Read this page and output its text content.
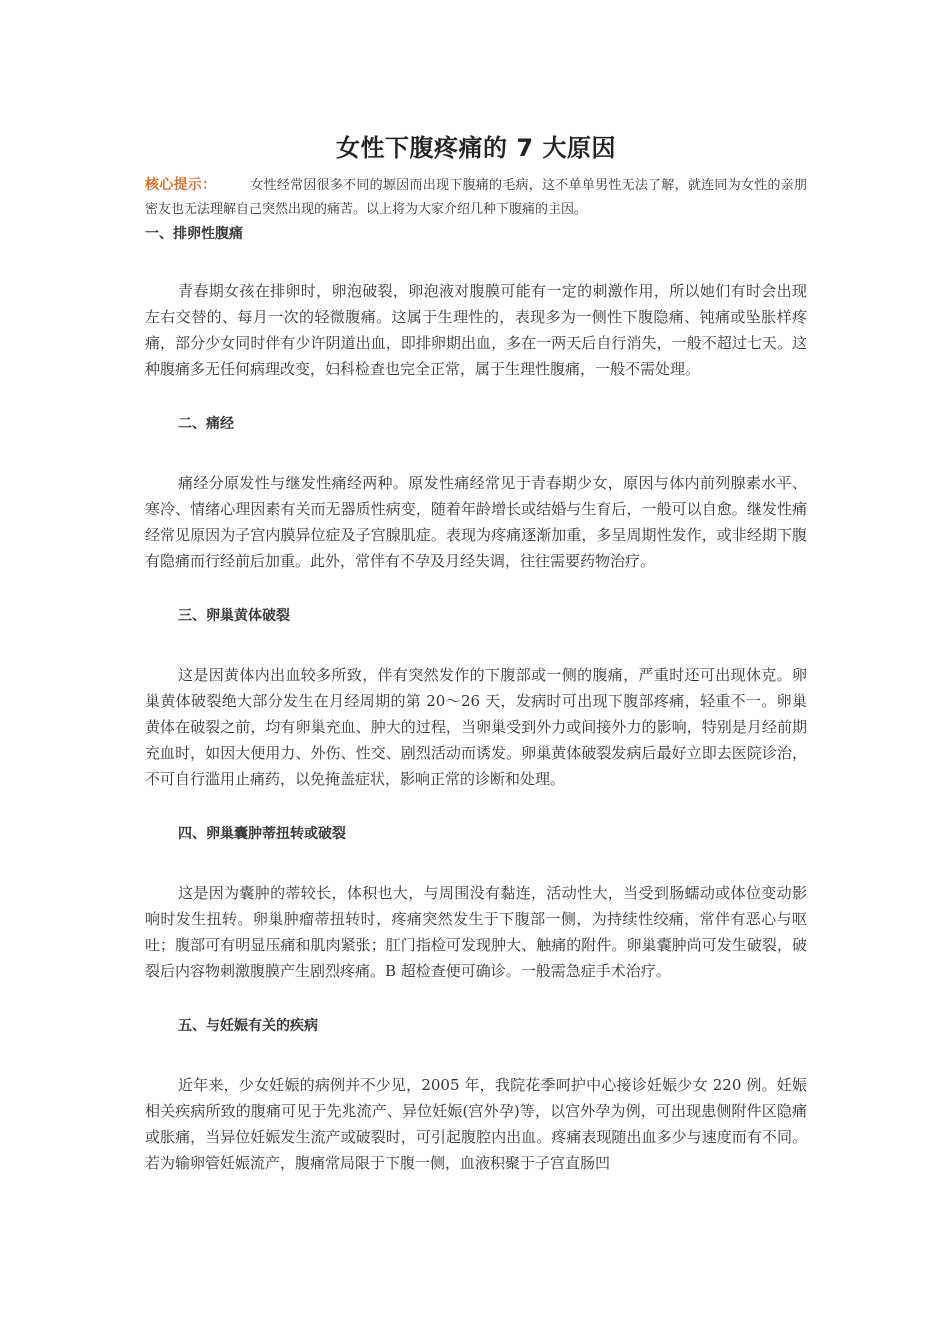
女性下腹疼痛的 7 大原因

核心提示：	女性经常因很多不同的塬因而出现下腹痛的毛病，这不单单男性无法了解，就连同为女性的亲朋密友也无法理解自己突然出现的痛苦。以上将为大家介绍几种下腹痛的主因。

一、排卵性腹痛

青春期女孩在排卵时，卵泡破裂，卵泡液对腹膜可能有一定的刺激作用，所以她们有时会出现左右交替的、每月一次的轻微腹痛。这属于生理性的，表现多为一侧性下腹隐痛、钝痛或坠胀样疼痛，部分少女同时伴有少许阴道出血，即排卵期出血，多在一两天后自行消失，一般不超过七天。这种腹痛多无任何病理改变，妇科检查也完全正常，属于生理性腹痛，一般不需处理。

二、痛经

痛经分原发性与继发性痛经两种。原发性痛经常见于青春期少女，原因与体内前列腺素水平、寒冷、情绪心理因素有关而无器质性病变，随着年龄增长或结婚与生育后，一般可以自愈。继发性痛经常见原因为子宫内膜异位症及子宫腺肌症。表现为疼痛逐渐加重，多呈周期性发作，或非经期下腹有隐痛而行经前后加重。此外，常伴有不孕及月经失调，往往需要药物治疗。

三、卵巢黄体破裂

这是因黄体内出血较多所致，伴有突然发作的下腹部或一侧的腹痛，严重时还可出现休克。卵巢黄体破裂绝大部分发生在月经周期的第 20～26 天，发病时可出现下腹部疼痛，轻重不一。卵巢黄体在破裂之前，均有卵巢充血、肿大的过程，当卵巢受到外力或间接外力的影响，特别是月经前期充血时，如因大便用力、外伤、性交、剧烈活动而诱发。卵巢黄体破裂发病后最好立即去医院诊治，不可自行滥用止痛药，以免掩盖症状，影响正常的诊断和处理。

四、卵巢囊肿蒂扭转或破裂

这是因为囊肿的蒂较长，体积也大，与周围没有黏连，活动性大，当受到肠蠕动或体位变动影响时发生扭转。卵巢肿瘤蒂扭转时，疼痛突然发生于下腹部一侧，为持续性绞痛，常伴有恶心与呕吐；腹部可有明显压痛和肌肉紧张；肛门指检可发现肿大、触痛的附件。卵巢囊肿尚可发生破裂，破裂后内容物刺激腹膜产生剧烈疼痛。B 超检查便可确诊。一般需急症手术治疗。

五、与妊娠有关的疾病

近年来，少女妊娠的病例并不少见，2005 年，我院花季呵护中心接诊妊娠少女 220 例。妊娠相关疾病所致的腹痛可见于先兆流产、异位妊娠(宫外孕)等，以宫外孕为例，可出现患侧附件区隐痛或胀痛，当异位妊娠发生流产或破裂时，可引起腹腔内出血。疼痛表现随出血多少与速度而有不同。若为输卵管妊娠流产，腹痛常局限于下腹一侧，血液积聚于子宫直肠凹
